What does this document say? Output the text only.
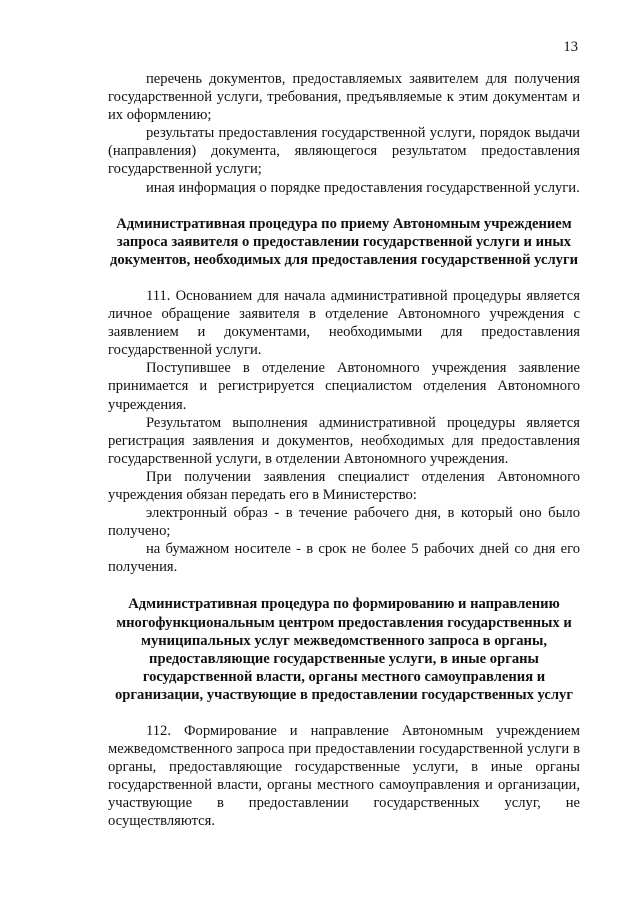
13

перечень документов, предоставляемых заявителем для получения государственной услуги, требования, предъявляемые к этим документам и их оформлению;

результаты предоставления государственной услуги, порядок выдачи (направления) документа, являющегося результатом предоставления государственной услуги;

иная информация о порядке предоставления государственной услуги.

Административная процедура по приему Автономным учреждением запроса заявителя о предоставлении государственной услуги и иных документов, необходимых для предоставления государственной услуги

111. Основанием для начала административной процедуры является личное обращение заявителя в отделение Автономного учреждения с заявлением и документами, необходимыми для предоставления государственной услуги.

Поступившее в отделение Автономного учреждения заявление принимается и регистрируется специалистом отделения Автономного учреждения.

Результатом выполнения административной процедуры является регистрация заявления и документов, необходимых для предоставления государственной услуги, в отделении Автономного учреждения.

При получении заявления специалист отделения Автономного учреждения обязан передать его в Министерство:

электронный образ - в течение рабочего дня, в который оно было получено;

на бумажном носителе - в срок не более 5 рабочих дней со дня его получения.

Административная процедура по формированию и направлению многофункциональным центром предоставления государственных и муниципальных услуг межведомственного запроса в органы, предоставляющие государственные услуги, в иные органы государственной власти, органы местного самоуправления и организации, участвующие в предоставлении государственных услуг

112. Формирование и направление Автономным учреждением межведомственного запроса при предоставлении государственной услуги в органы, предоставляющие государственные услуги, в иные органы государственной власти, органы местного самоуправления и организации, участвующие в предоставлении государственных услуг, не осуществляются.
